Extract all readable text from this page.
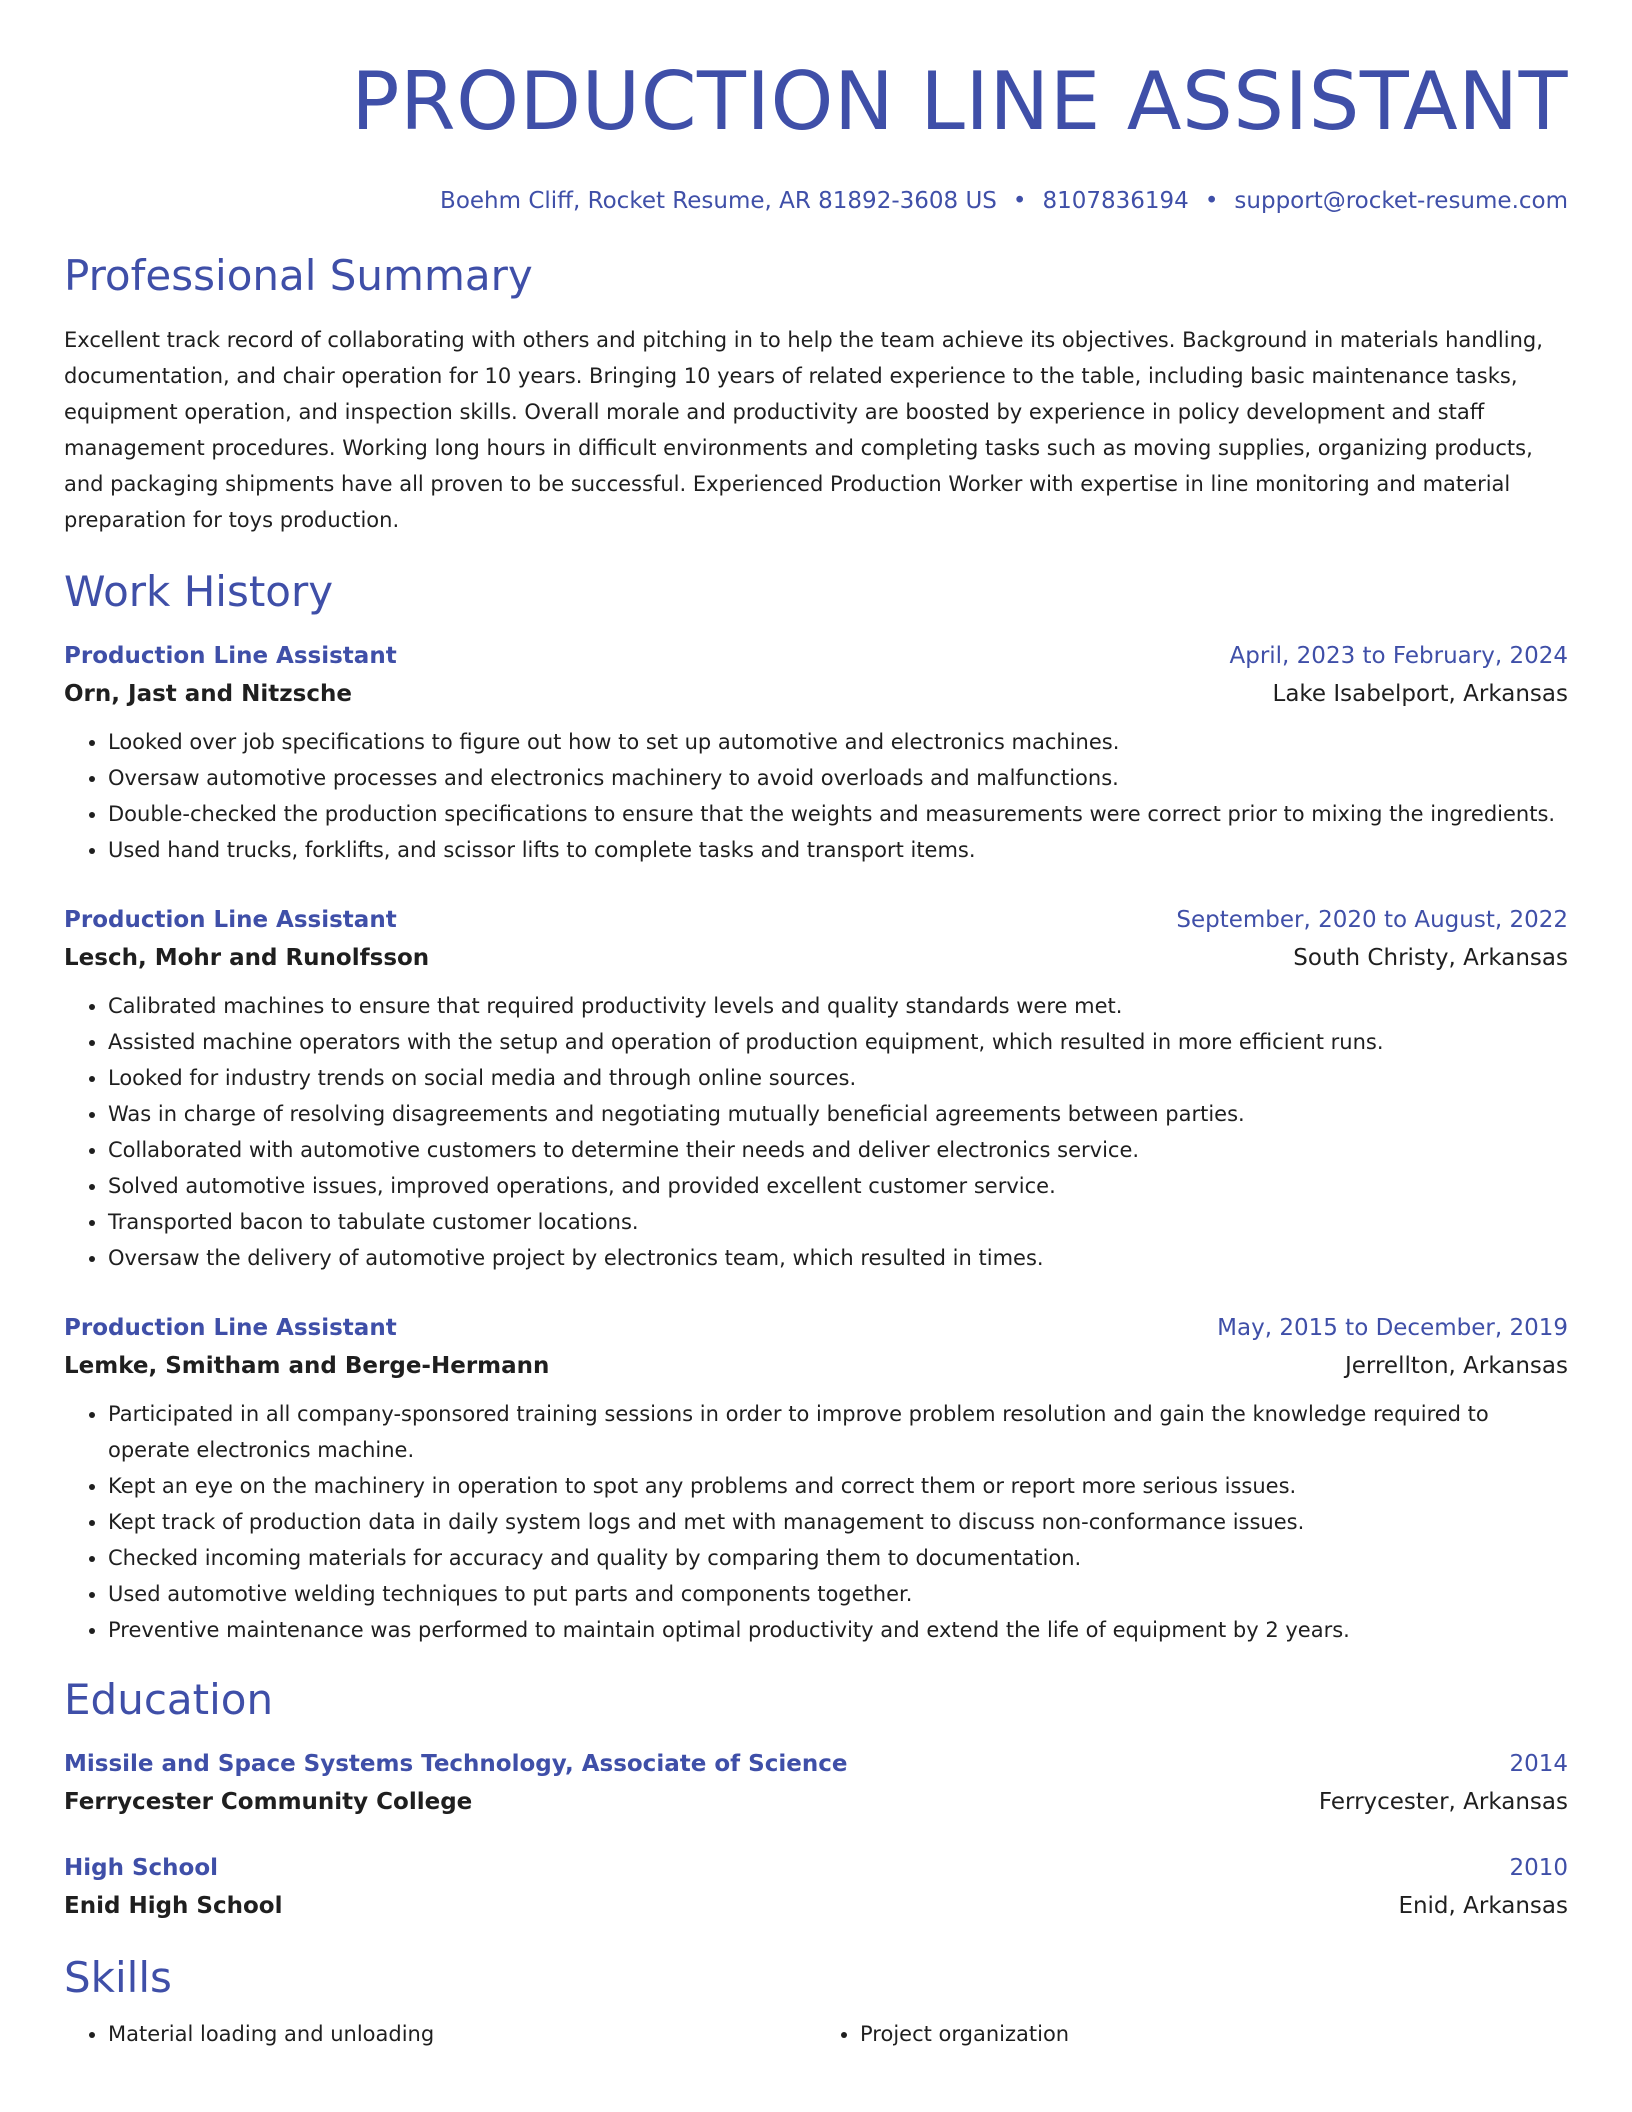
PRODUCTION LINE ASSISTANT
Boehm Cliff, Rocket Resume, AR 81892-3608 US • 8107836194 • support@rocket-resume.com
Professional Summary
Excellent track record of collaborating with others and pitching in to help the team achieve its objectives. Background in materials handling, documentation, and chair operation for 10 years. Bringing 10 years of related experience to the table, including basic maintenance tasks, equipment operation, and inspection skills. Overall morale and productivity are boosted by experience in policy development and staff management procedures. Working long hours in difficult environments and completing tasks such as moving supplies, organizing products, and packaging shipments have all proven to be successful. Experienced Production Worker with expertise in line monitoring and material preparation for toys production.
Work History
Production Line Assistant	April, 2023 to February, 2024
Orn, Jast and Nitzsche	Lake Isabelport, Arkansas
• Looked over job specifications to figure out how to set up automotive and electronics machines.
• Oversaw automotive processes and electronics machinery to avoid overloads and malfunctions.
• Double-checked the production specifications to ensure that the weights and measurements were correct prior to mixing the ingredients.
• Used hand trucks, forklifts, and scissor lifts to complete tasks and transport items.
Production Line Assistant	September, 2020 to August, 2022
Lesch, Mohr and Runolfsson	South Christy, Arkansas
• Calibrated machines to ensure that required productivity levels and quality standards were met.
• Assisted machine operators with the setup and operation of production equipment, which resulted in more efficient runs.
• Looked for industry trends on social media and through online sources.
• Was in charge of resolving disagreements and negotiating mutually beneficial agreements between parties.
• Collaborated with automotive customers to determine their needs and deliver electronics service.
• Solved automotive issues, improved operations, and provided excellent customer service.
• Transported bacon to tabulate customer locations.
• Oversaw the delivery of automotive project by electronics team, which resulted in times.
Production Line Assistant	May, 2015 to December, 2019
Lemke, Smitham and Berge-Hermann	Jerrellton, Arkansas
• Participated in all company-sponsored training sessions in order to improve problem resolution and gain the knowledge required to operate electronics machine.
• Kept an eye on the machinery in operation to spot any problems and correct them or report more serious issues.
• Kept track of production data in daily system logs and met with management to discuss non-conformance issues.
• Checked incoming materials for accuracy and quality by comparing them to documentation.
• Used automotive welding techniques to put parts and components together.
• Preventive maintenance was performed to maintain optimal productivity and extend the life of equipment by 2 years.
Education
Missile and Space Systems Technology, Associate of Science	2014
Ferrycester Community College	Ferrycester, Arkansas
High School	2010
Enid High School	Enid, Arkansas
Skills
• Material loading and unloading
•	Project organization
